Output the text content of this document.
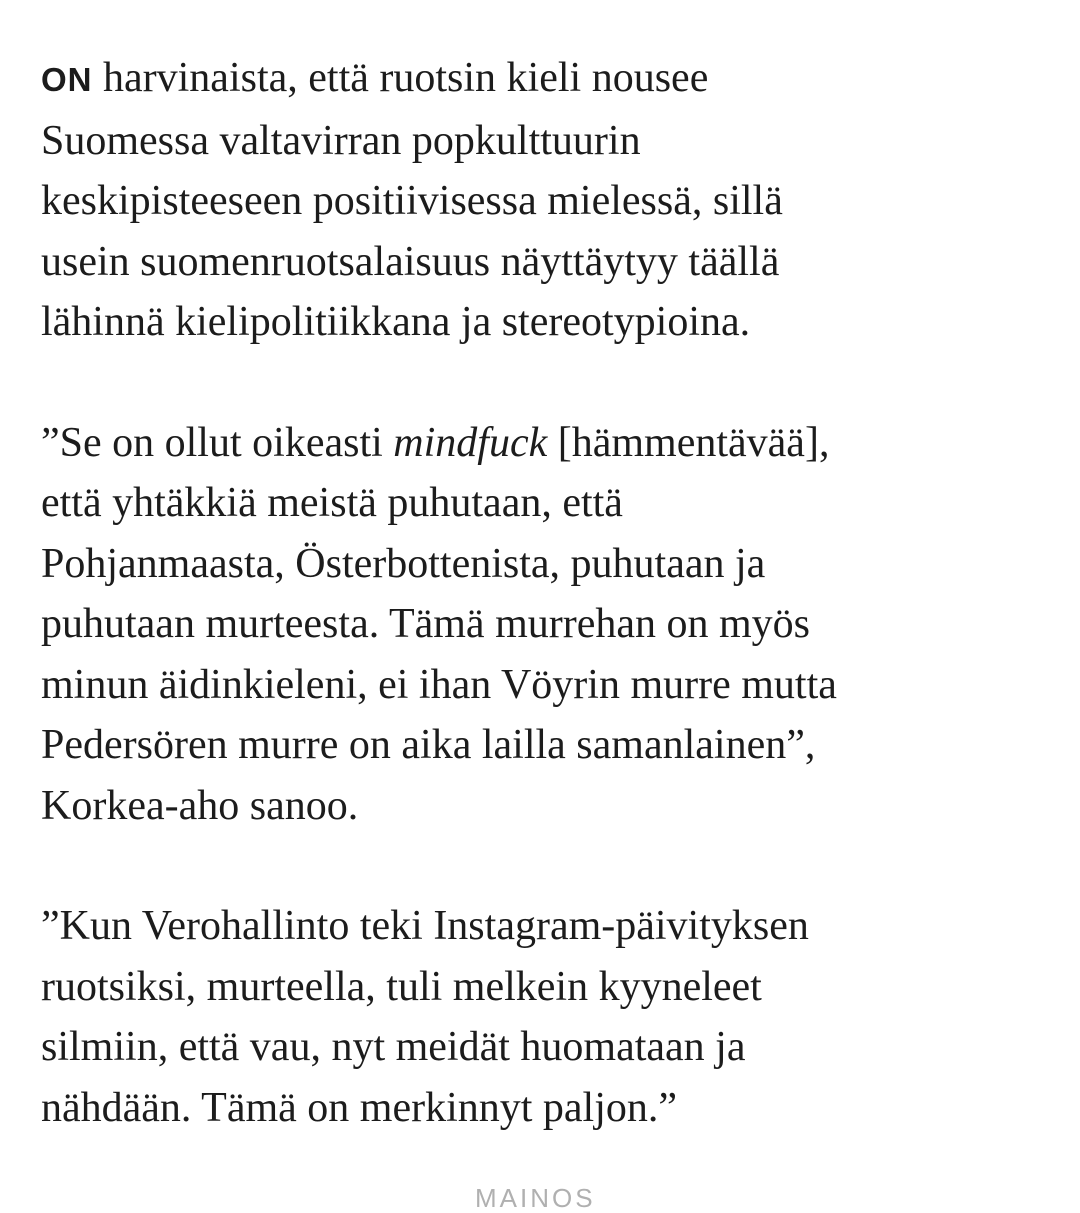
ON harvinaista, että ruotsin kieli nousee
Suomessa valtavirran popkulttuurin
keskipisteeseen positiivisessa mielessä, sillä
usein suomenruotsalaisuus näyttäytyy täällä
lähinnä kielipolitiikkana ja stereotypioina.

”Se on ollut oikeasti mindfuck [hämmentävää],
että yhtäkkiä meistä puhutaan, että
Pohjanmaasta, Österbottenista, puhutaan ja
puhutaan murteesta. Tämä murrehan on myös
minun äidinkieleni, ei ihan Vöyrin murre mutta
Pedersören murre on aika lailla samanlainen”,
Korkea-aho sanoo.

”Kun Verohallinto teki Instagram-päivityksen
ruotsiksi, murteella, tuli melkein kyyneleet
silmiin, että vau, nyt meidät huomataan ja
nähdään. Tämä on merkinnyt paljon.”

MAINOS
